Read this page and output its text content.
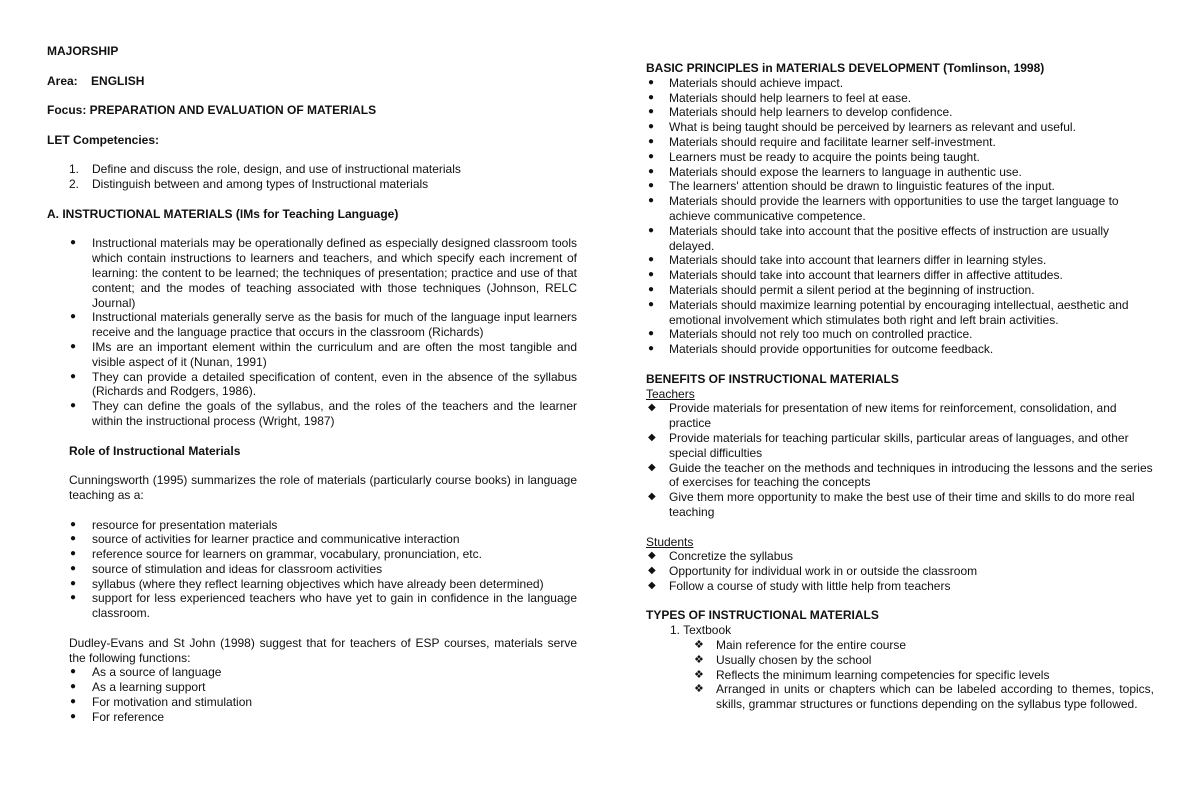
MAJORSHIP

Area: ENGLISH

Focus: PREPARATION AND EVALUATION OF MATERIALS

LET Competencies:

1. Define and discuss the role, design, and use of instructional materials
2. Distinguish between and among types of Instructional materials

A. INSTRUCTIONAL MATERIALS (IMs for Teaching Language)

● Instructional materials may be operationally defined as especially designed classroom tools which contain instructions to learners and teachers, and which specify each increment of learning: the content to be learned; the techniques of presentation; practice and use of that content; and the modes of teaching associated with those techniques (Johnson, RELC Journal)
● Instructional materials generally serve as the basis for much of the language input learners receive and the language practice that occurs in the classroom (Richards)
● IMs are an important element within the curriculum and are often the most tangible and visible aspect of it (Nunan, 1991)
● They can provide a detailed specification of content, even in the absence of the syllabus (Richards and Rodgers, 1986).
● They can define the goals of the syllabus, and the roles of the teachers and the learner within the instructional process (Wright, 1987)

Role of Instructional Materials

Cunningsworth (1995) summarizes the role of materials (particularly course books) in language teaching as a:

● resource for presentation materials
● source of activities for learner practice and communicative interaction
● reference source for learners on grammar, vocabulary, pronunciation, etc.
● source of stimulation and ideas for classroom activities
● syllabus (where they reflect learning objectives which have already been determined)
● support for less experienced teachers who have yet to gain in confidence in the language classroom.

Dudley-Evans and St John (1998) suggest that for teachers of ESP courses, materials serve the following functions:

● As a source of language
● As a learning support
● For motivation and stimulation
● For reference

BASIC PRINCIPLES in MATERIALS DEVELOPMENT (Tomlinson, 1998)

● Materials should achieve impact.
● Materials should help learners to feel at ease.
● Materials should help learners to develop confidence.
● What is being taught should be perceived by learners as relevant and useful.
● Materials should require and facilitate learner self-investment.
● Learners must be ready to acquire the points being taught.
● Materials should expose the learners to language in authentic use.
● The learners' attention should be drawn to linguistic features of the input.
● Materials should provide the learners with opportunities to use the target language to achieve communicative competence.
● Materials should take into account that the positive effects of instruction are usually delayed.
● Materials should take into account that learners differ in learning styles.
● Materials should take into account that learners differ in affective attitudes.
● Materials should permit a silent period at the beginning of instruction.
● Materials should maximize learning potential by encouraging intellectual, aesthetic and emotional involvement which stimulates both right and left brain activities.
● Materials should not rely too much on controlled practice.
● Materials should provide opportunities for outcome feedback.

BENEFITS OF INSTRUCTIONAL MATERIALS

Teachers

◆ Provide materials for presentation of new items for reinforcement, consolidation, and practice
◆ Provide materials for teaching particular skills, particular areas of languages, and other special difficulties
◆ Guide the teacher on the methods and techniques in introducing the lessons and the series of exercises for teaching the concepts
◆ Give them more opportunity to make the best use of their time and skills to do more real teaching

Students

◆ Concretize the syllabus
◆ Opportunity for individual work in or outside the classroom
◆ Follow a course of study with little help from teachers

TYPES OF INSTRUCTIONAL MATERIALS

1. Textbook

❖ Main reference for the entire course
❖ Usually chosen by the school
❖ Reflects the minimum learning competencies for specific levels
❖ Arranged in units or chapters which can be labeled according to themes, topics, skills, grammar structures or functions depending on the syllabus type followed.
